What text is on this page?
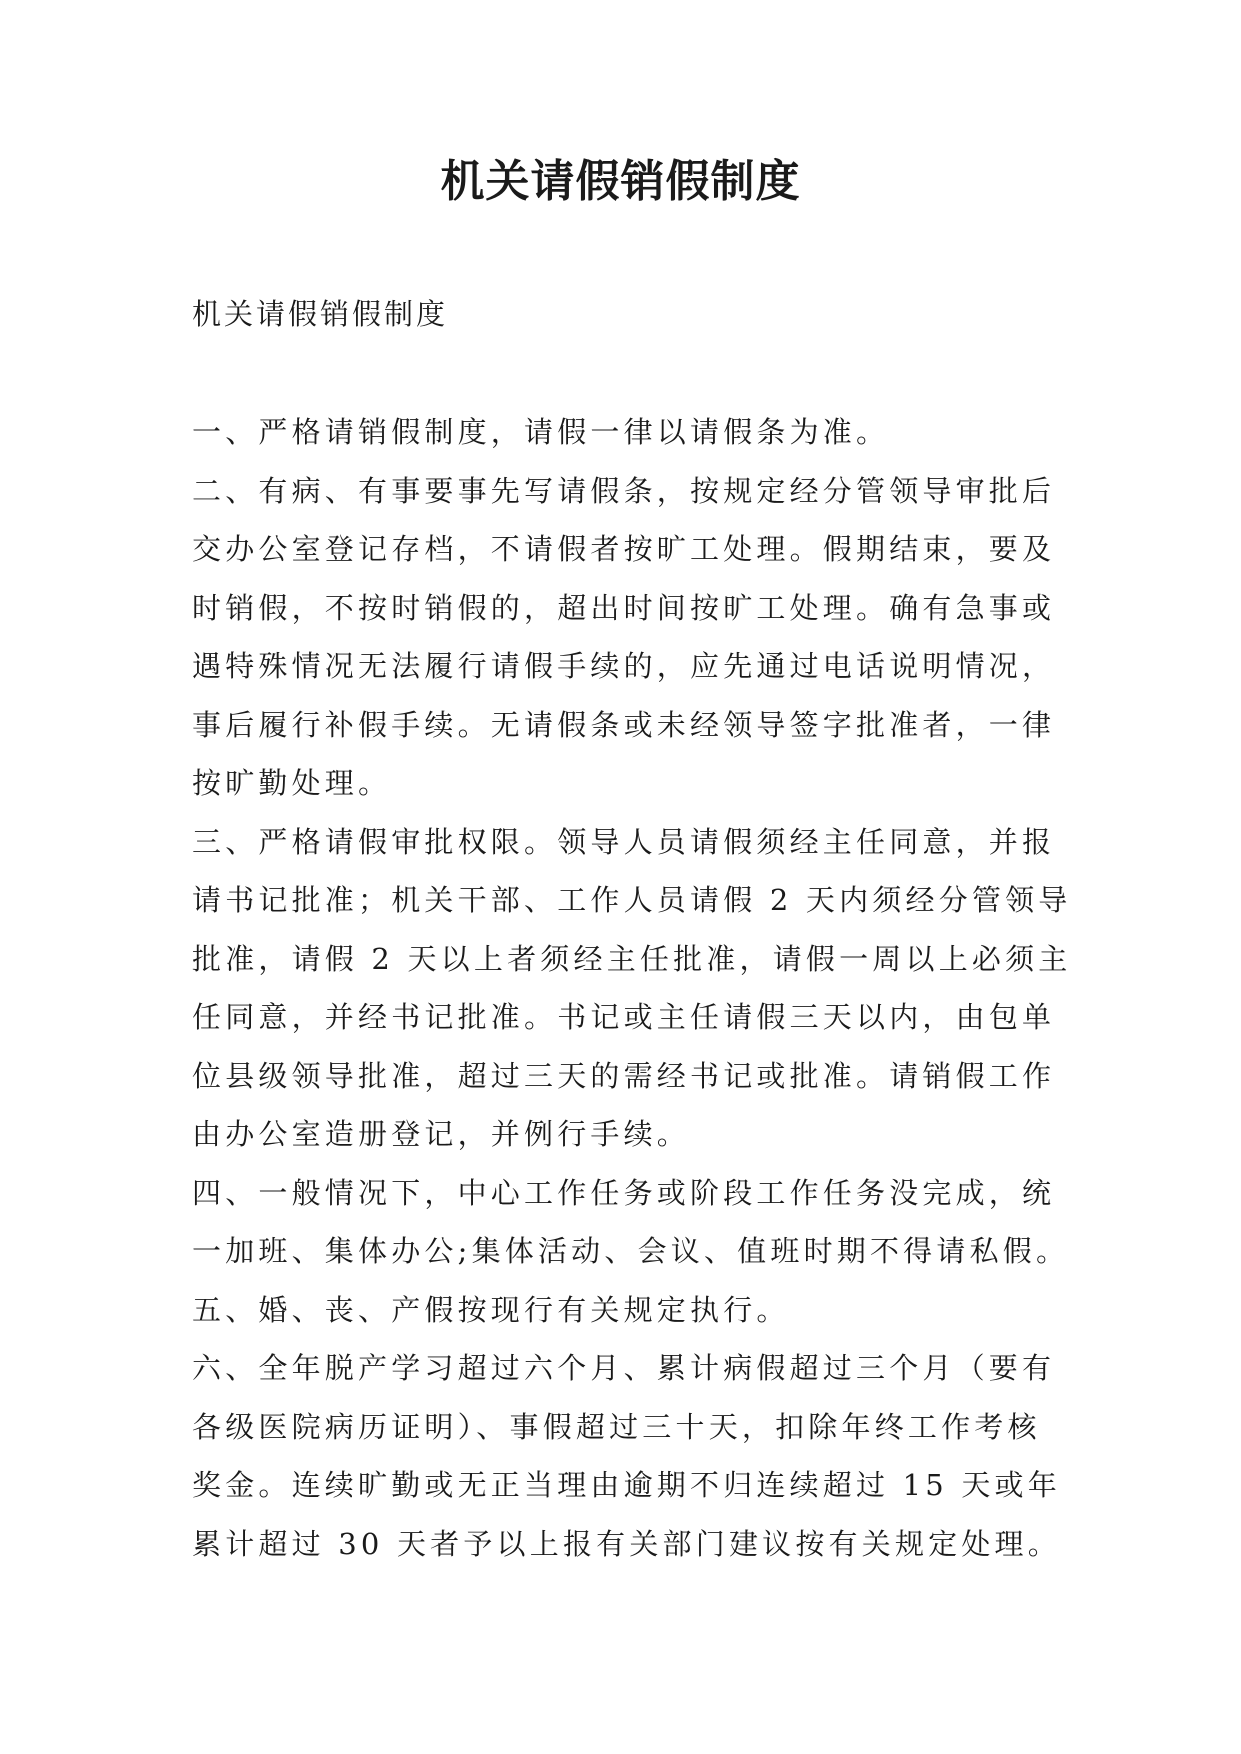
机关请假销假制度

机关请假销假制度

一、严格请销假制度，请假一律以请假条为准。

二、有病、有事要事先写请假条，按规定经分管领导审批后
交办公室登记存档，不请假者按旷工处理。假期结束，要及
时销假，不按时销假的，超出时间按旷工处理。确有急事或
遇特殊情况无法履行请假手续的，应先通过电话说明情况，
事后履行补假手续。无请假条或未经领导签字批准者，一律
按旷勤处理。

三、严格请假审批权限。领导人员请假须经主任同意，并报
请书记批准；机关干部、工作人员请假 2 天内须经分管领导
批准，请假 2 天以上者须经主任批准，请假一周以上必须主
任同意，并经书记批准。书记或主任请假三天以内，由包单
位县级领导批准，超过三天的需经书记或批准。请销假工作
由办公室造册登记，并例行手续。

四、一般情况下，中心工作任务或阶段工作任务没完成，统
一加班、集体办公;集体活动、会议、值班时期不得请私假。

五、婚、丧、产假按现行有关规定执行。

六、全年脱产学习超过六个月、累计病假超过三个月（要有
各级医院病历证明）、事假超过三十天，扣除年终工作考核
奖金。连续旷勤或无正当理由逾期不归连续超过 15 天或年
累计超过 30 天者予以上报有关部门建议按有关规定处理。
